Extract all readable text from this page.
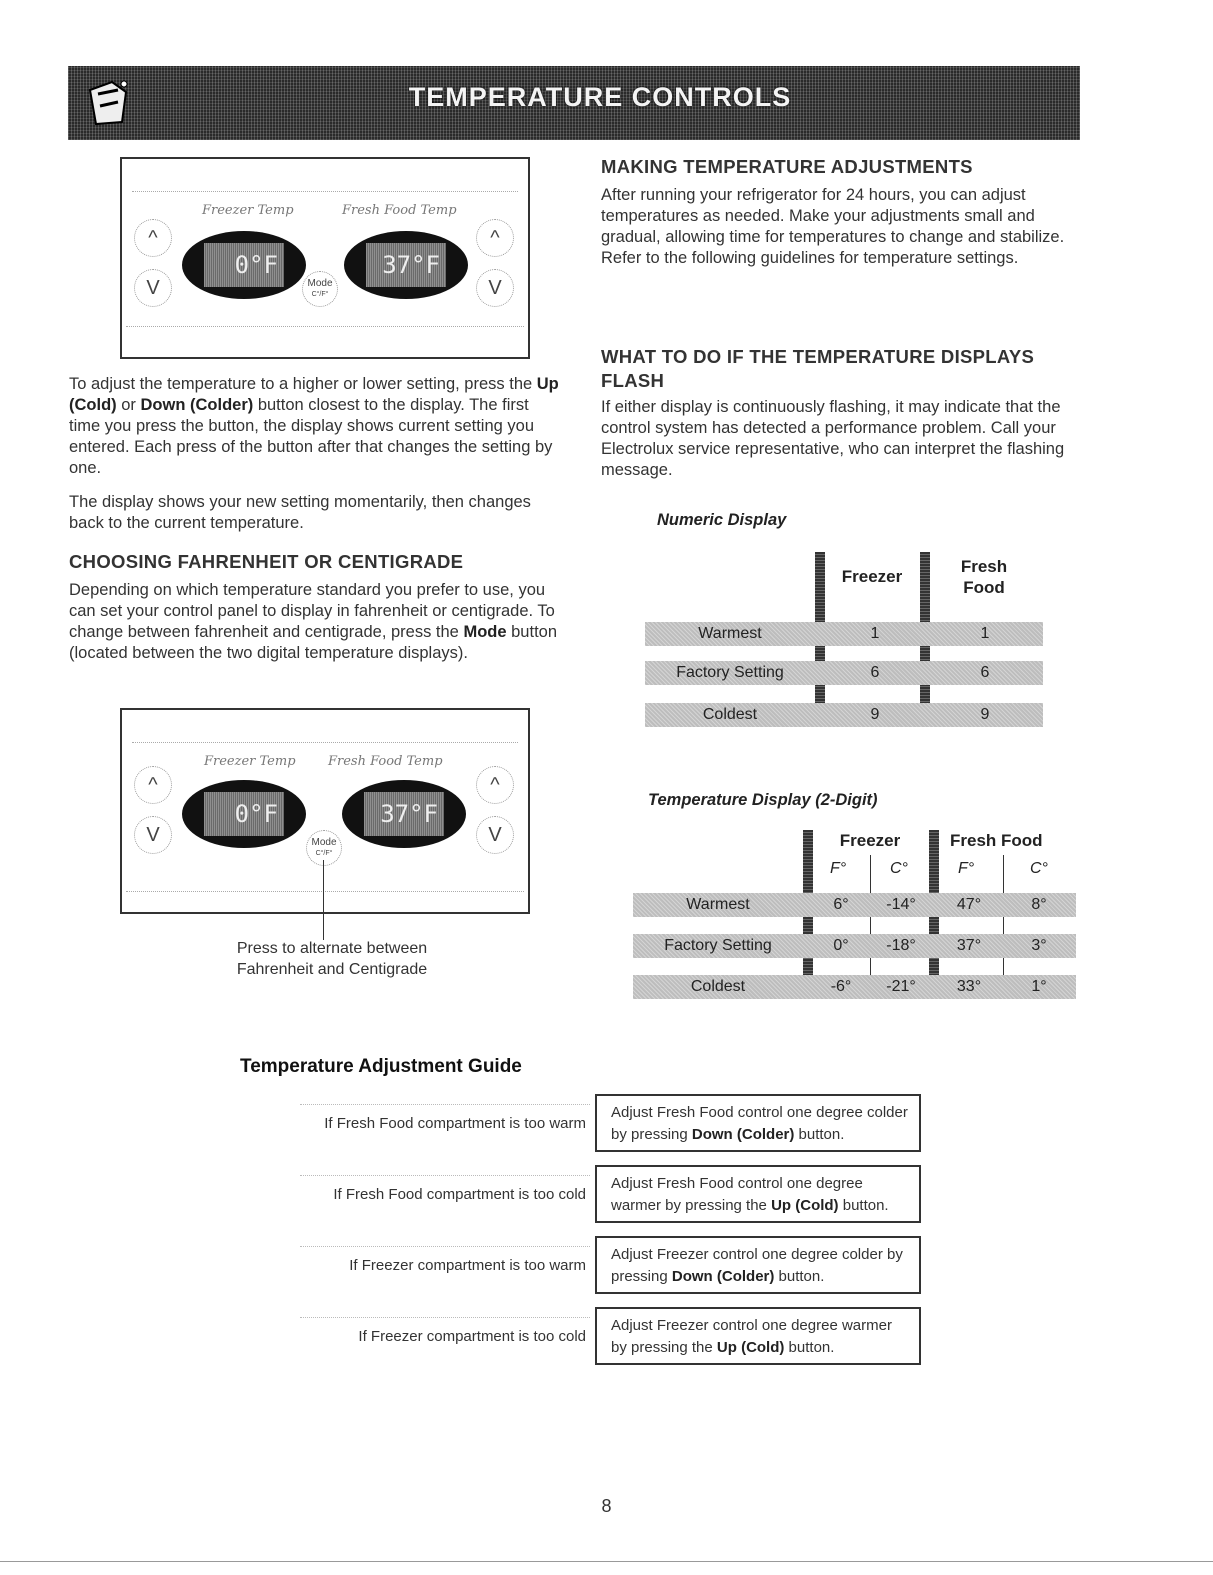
TEMPERATURE CONTROLS
Freezer Temp	Fresh Food Temp
^
V
0°F	37°F
Mode
C°/F°
^
V
To adjust the temperature to a higher or lower setting, press the Up (Cold) or Down (Colder) button closest to the display. The first time you press the button, the display shows current setting you entered. Each press of the button after that changes the setting by one.
The display shows your new setting momentarily, then changes back to the current temperature.
CHOOSING FAHRENHEIT OR CENTIGRADE
Depending on which temperature standard you prefer to use, you can set your control panel to display in fahrenheit or centigrade. To change between fahrenheit and centigrade, press the Mode button (located between the two digital temperature displays).
Freezer Temp Fresh Food Temp
^
V
0°F	37°F
Mode
C°/F°
^
V
Press to alternate between
Fahrenheit and Centigrade
MAKING TEMPERATURE ADJUSTMENTS
After running your refrigerator for 24 hours, you can adjust temperatures as needed. Make your adjustments small and gradual, allowing time for temperatures to change and stabilize. Refer to the following guidelines for temperature settings.
WHAT TO DO IF THE TEMPERATURE DISPLAYS FLASH
If either display is continuously flashing, it may indicate that the control system has detected a performance problem. Call your Electrolux service representative, who can interpret the flashing message.
Numeric Display
Freezer
Fresh Food
Warmest	1	1
Factory Setting	6	6
Coldest	9	9
Temperature Display (2-Digit)
Freezer	Fresh Food
F°	C°	F°	C°
Warmest	6°	-14°	47°	8°
Factory Setting	0°	-18°	37°	3°
Coldest	-6°	-21°	33°	1°
Temperature Adjustment Guide
If Fresh Food compartment is too warm
Adjust Fresh Food control one degree colder by pressing Down (Colder) button.
If Fresh Food compartment is too cold
Adjust Fresh Food control one degree warmer by pressing the Up (Cold) button.
If Freezer compartment is too warm
Adjust Freezer control one degree colder by pressing Down (Colder) button.
If Freezer compartment is too cold
Adjust Freezer control one degree warmer by pressing the Up (Cold) button.
8
